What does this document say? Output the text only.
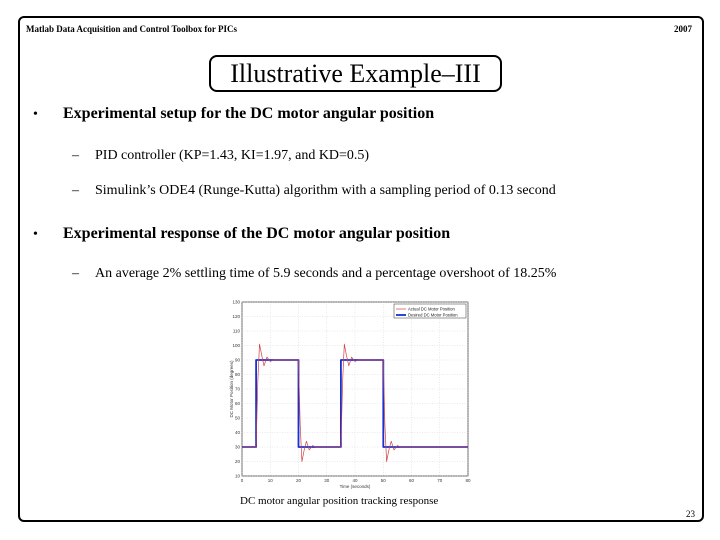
Matlab Data Acquisition and Control Toolbox for PICs	2007
Illustrative Example–III
• Experimental setup for the DC motor angular position
– PID controller (KP=1.43, KI=1.97, and KD=0.5)
– Simulink’s ODE4 (Runge-Kutta) algorithm with a sampling period of 0.13 second
• Experimental response of the DC motor angular position
– An average 2% settling time of 5.9 seconds and a percentage overshoot of 18.25%
10
20
30
40
50
60
70
80
90
100
110
120
130
0	10	20	30	40	50	60	70	80
Time (seconds)
DC Motor Position (degrees)
Actual DC Motor Position
Desired DC Motor Position
DC motor angular position tracking response
23
